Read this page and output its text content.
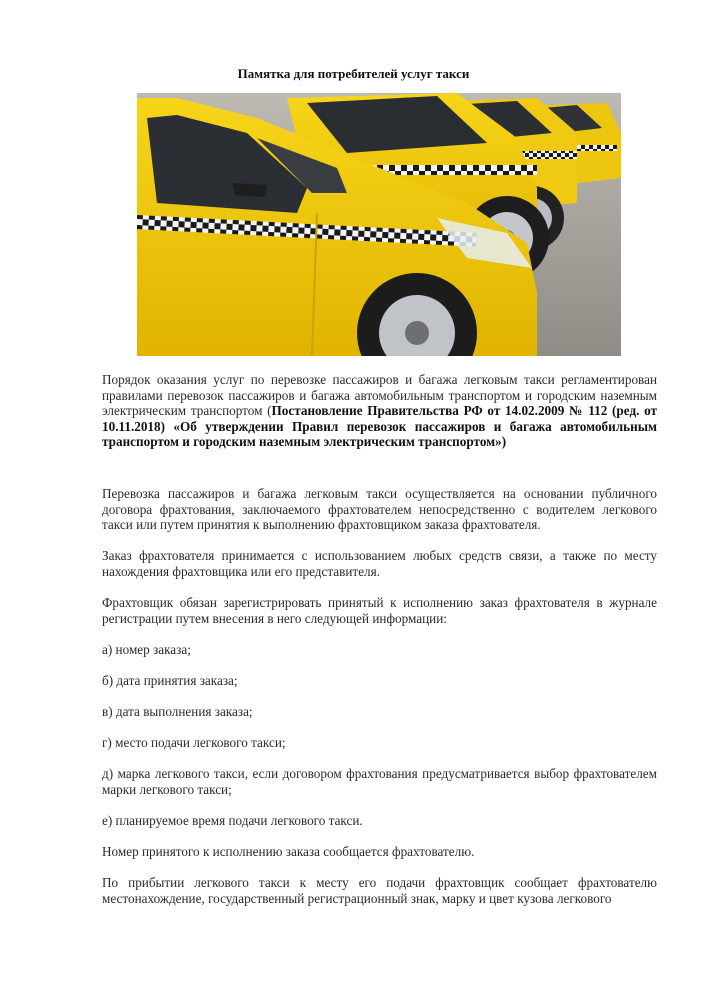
Памятка для потребителей услуг такси
Порядок оказания услуг по перевозке пассажиров и багажа легковым такси регламентирован правилами перевозок пассажиров и багажа автомобильным транспортом и городским наземным электрическим транспортом (Постановление Правительства РФ от 14.02.2009 № 112 (ред. от 10.11.2018) «Об утверждении Правил перевозок пассажиров и багажа автомобильным транспортом и городским наземным электрическим транспортом»)
Перевозка пассажиров и багажа легковым такси осуществляется на основании публичного договора фрахтования, заключаемого фрахтователем непосредственно с водителем легкового такси или путем принятия к выполнению фрахтовщиком заказа фрахтователя.
Заказ фрахтователя принимается с использованием любых средств связи, а также по месту нахождения фрахтовщика или его представителя.
Фрахтовщик обязан зарегистрировать принятый к исполнению заказ фрахтователя в журнале регистрации путем внесения в него следующей информации:
а) номер заказа;
б) дата принятия заказа;
в) дата выполнения заказа;
г) место подачи легкового такси;
д) марка легкового такси, если договором фрахтования предусматривается выбор фрахтователем марки легкового такси;
е) планируемое время подачи легкового такси.
Номер принятого к исполнению заказа сообщается фрахтователю.
По прибытии легкового такси к месту его подачи фрахтовщик сообщает фрахтователю местонахождение, государственный регистрационный знак, марку и цвет кузова легкового
